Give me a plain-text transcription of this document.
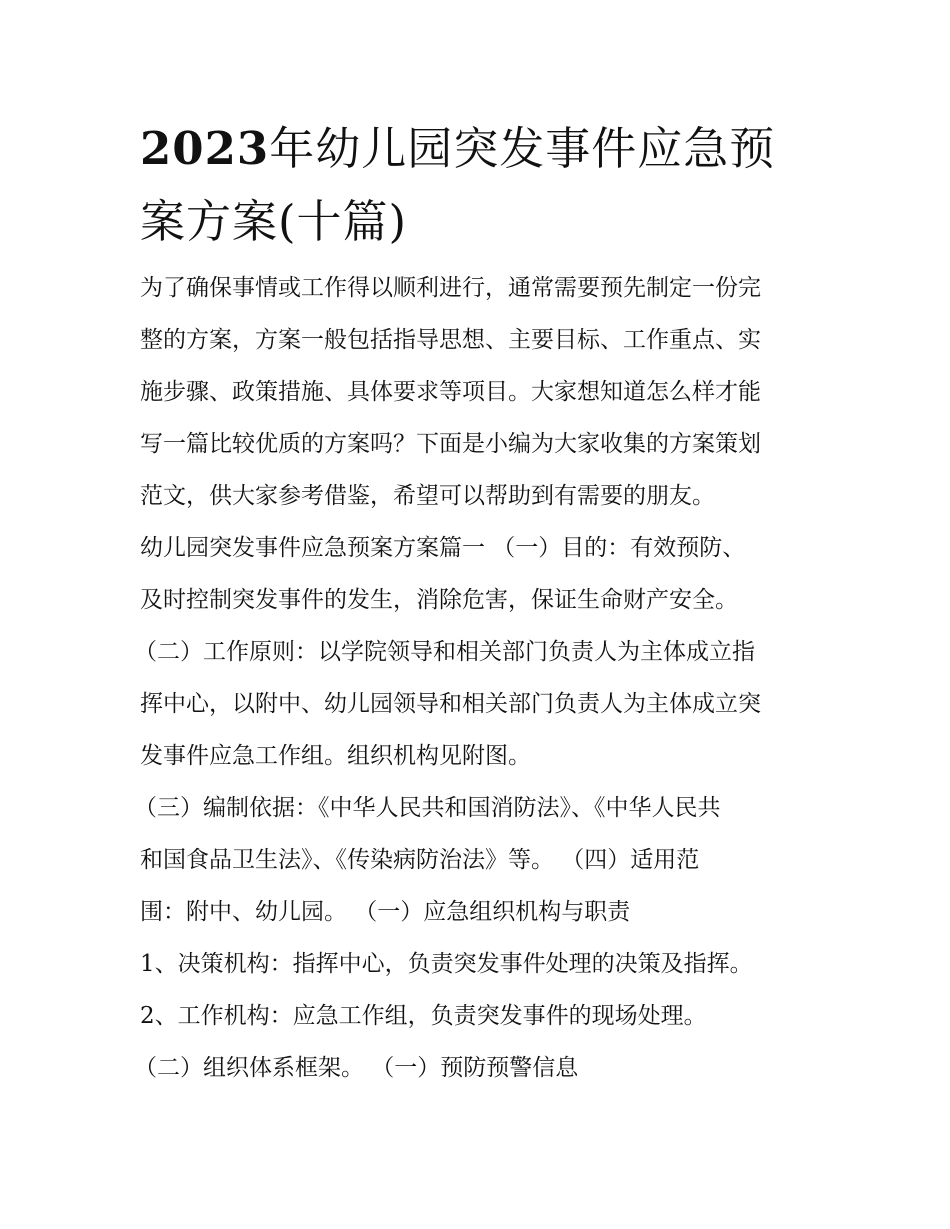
2023年幼儿园突发事件应急预
案方案(十篇)

为了确保事情或工作得以顺利进行，通常需要预先制定一份完
整的方案，方案一般包括指导思想、主要目标、工作重点、实
施步骤、政策措施、具体要求等项目。大家想知道怎么样才能
写一篇比较优质的方案吗？下面是小编为大家收集的方案策划
范文，供大家参考借鉴，希望可以帮助到有需要的朋友。

幼儿园突发事件应急预案方案篇一 （一）目的：有效预防、
及时控制突发事件的发生，消除危害，保证生命财产安全。
（二）工作原则：以学院领导和相关部门负责人为主体成立指
挥中心，以附中、幼儿园领导和相关部门负责人为主体成立突
发事件应急工作组。组织机构见附图。
（三）编制依据：《中华人民共和国消防法》、《中华人民共
和国食品卫生法》、《传染病防治法》等。 （四）适用范
围：附中、幼儿园。 （一）应急组织机构与职责
1、决策机构：指挥中心，负责突发事件处理的决策及指挥。
2、工作机构：应急工作组，负责突发事件的现场处理。
（二）组织体系框架。 （一）预防预警信息
